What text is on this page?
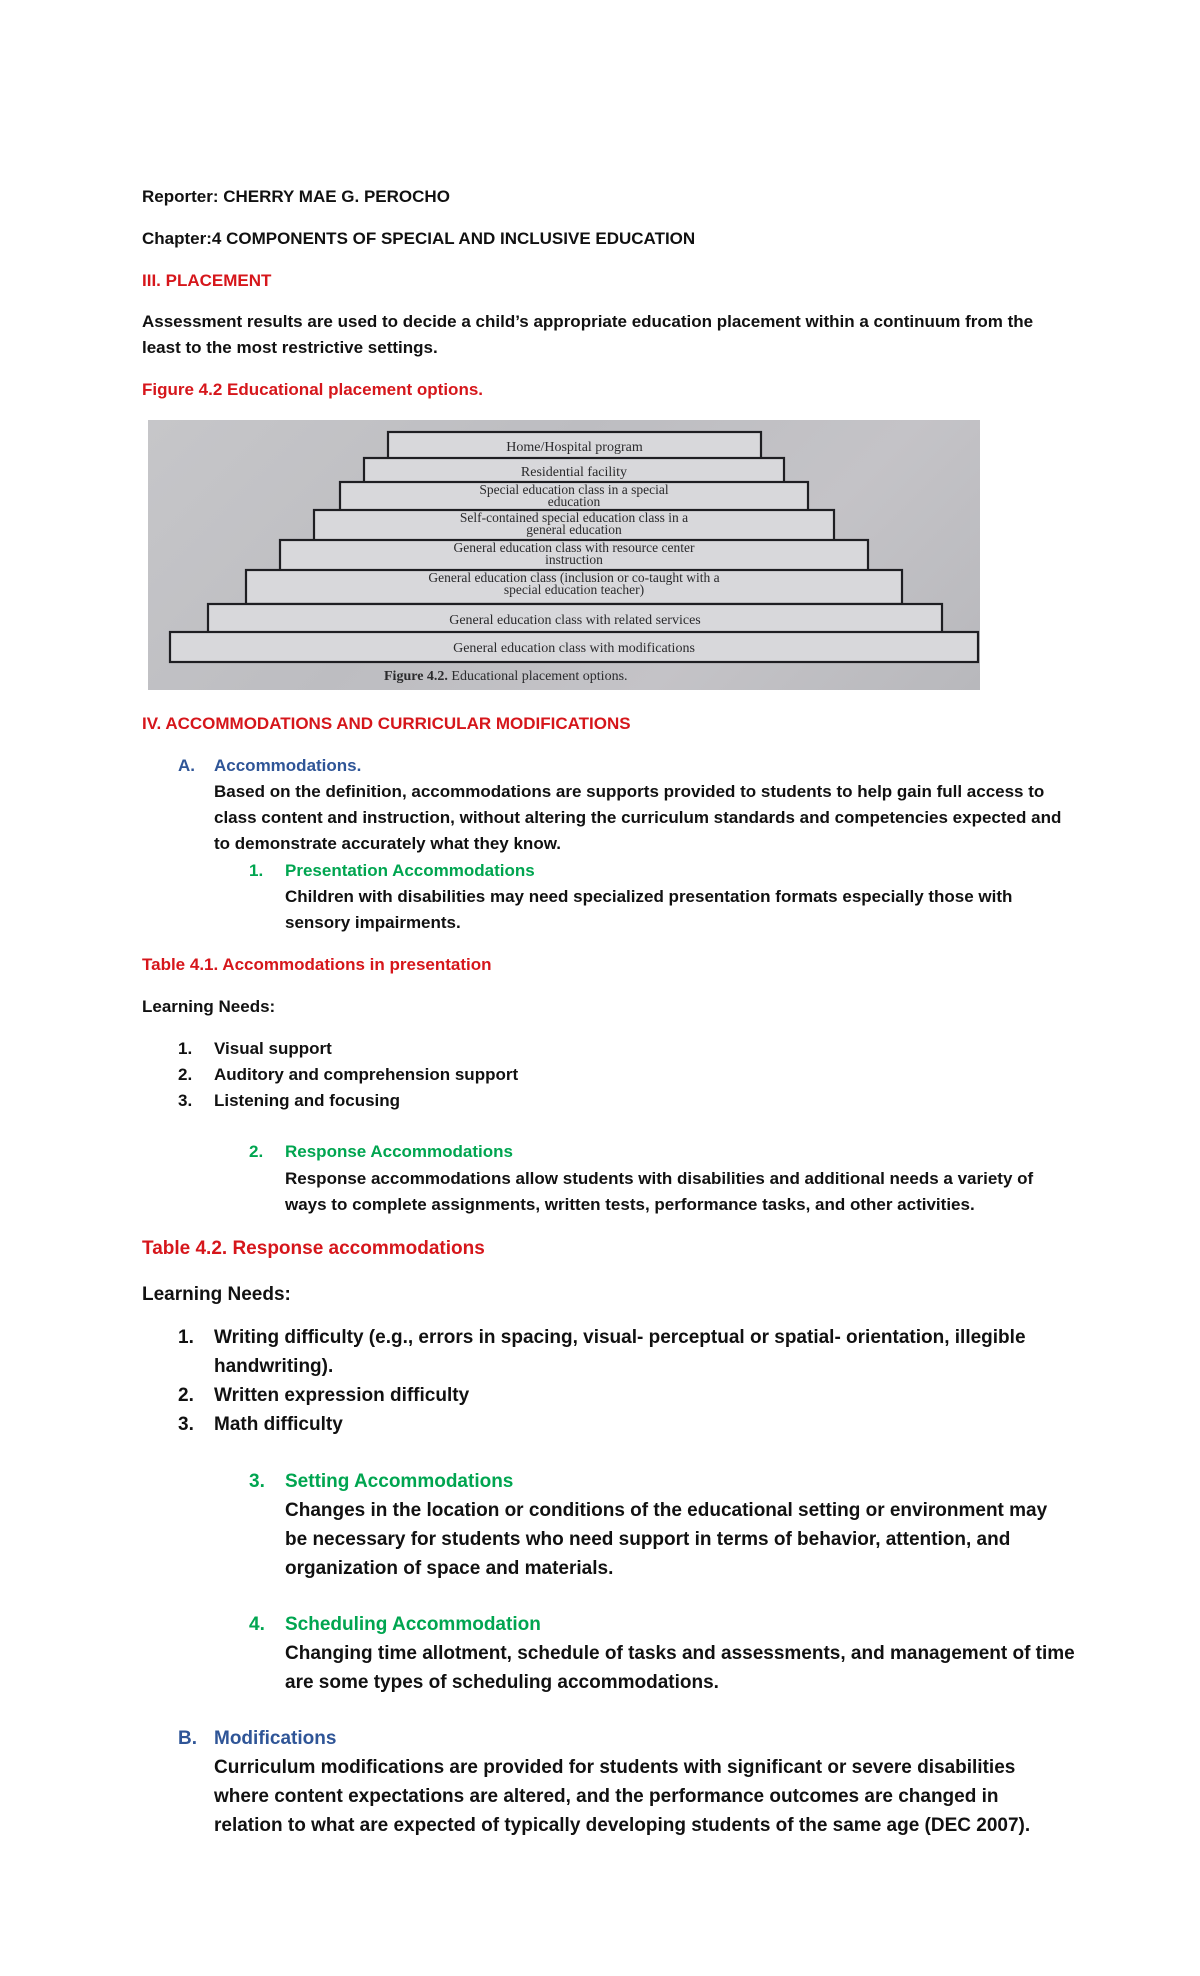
Reporter: CHERRY MAE G. PEROCHO

Chapter:4 COMPONENTS OF SPECIAL AND INCLUSIVE EDUCATION

III. PLACEMENT

Assessment results are used to decide a child’s appropriate education placement within a continuum from the least to the most restrictive settings.

Figure 4.2 Educational placement options.

Home/Hospital program
Residential facility
Special education class in a special
education
Self-contained special education class in a
general education
General education class with resource center
instruction
General education class (inclusion or co-taught with a
special education teacher)
General education class with related services
General education class with modifications
Figure 4.2. Educational placement options.

IV. ACCOMMODATIONS AND CURRICULAR MODIFICATIONS

A. Accommodations.

Based on the definition, accommodations are supports provided to students to help gain full access to class content and instruction, without altering the curriculum standards and competencies expected and to demonstrate accurately what they know.

1. Presentation Accommodations

Children with disabilities may need specialized presentation formats especially those with sensory impairments.

Table 4.1. Accommodations in presentation

Learning Needs:

1. Visual support
2. Auditory and comprehension support
3. Listening and focusing
2. Response Accommodations

Response accommodations allow students with disabilities and additional needs a variety of ways to complete assignments, written tests, performance tasks, and other activities.

Table 4.2. Response accommodations

Learning Needs:

1. Writing difficulty (e.g., errors in spacing, visual- perceptual or spatial- orientation, illegible handwriting).

2. Written expression difficulty
3. Math difficulty
3. Setting Accommodations

Changes in the location or conditions of the educational setting or environment may be necessary for students who need support in terms of behavior, attention, and organization of space and materials.

4. Scheduling Accommodation

Changing time allotment, schedule of tasks and assessments, and management of time are some types of scheduling accommodations.

B. Modifications

Curriculum modifications are provided for students with significant or severe disabilities where content expectations are altered, and the performance outcomes are changed in relation to what are expected of typically developing students of the same age (DEC 2007).
